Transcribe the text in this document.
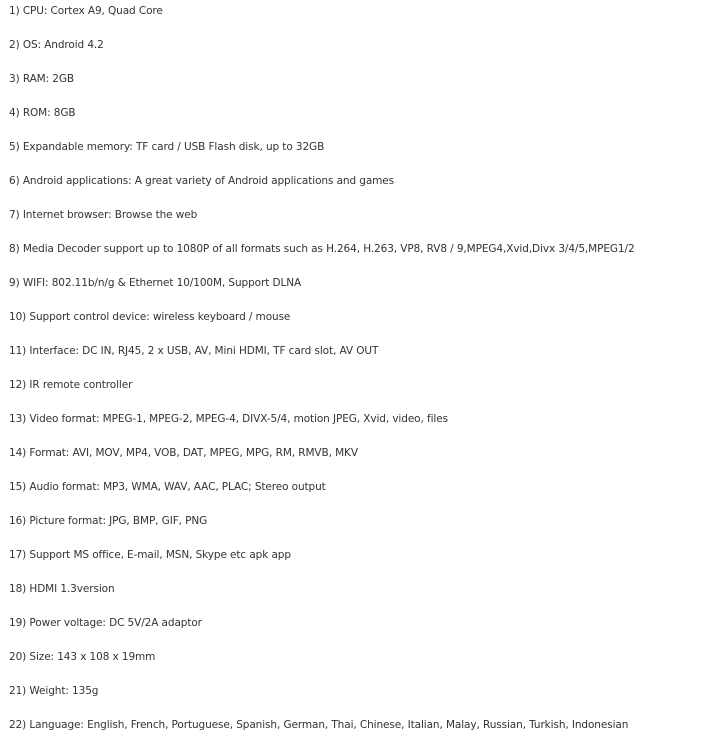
1) CPU: Cortex A9, Quad Core
2) OS: Android 4.2
3) RAM: 2GB
4) ROM: 8GB
5) Expandable memory: TF card / USB Flash disk, up to 32GB
6) Android applications: A great variety of Android applications and games
7) Internet browser: Browse the web
8) Media Decoder support up to 1080P of all formats such as H.264, H.263, VP8, RV8 / 9,MPEG4,Xvid,Divx 3/4/5,MPEG1/2
9) WIFI: 802.11b/n/g & Ethernet 10/100M, Support DLNA
10) Support control device: wireless keyboard / mouse
11) Interface: DC IN, RJ45, 2 x USB, AV, Mini HDMI, TF card slot, AV OUT
12) IR remote controller
13) Video format: MPEG-1, MPEG-2, MPEG-4, DIVX-5/4, motion JPEG, Xvid, video, files
14) Format: AVI, MOV, MP4, VOB, DAT, MPEG, MPG, RM, RMVB, MKV
15) Audio format: MP3, WMA, WAV, AAC, PLAC; Stereo output
16) Picture format: JPG, BMP, GIF, PNG
17) Support MS office, E-mail, MSN, Skype etc apk app
18) HDMI 1.3version
19) Power voltage: DC 5V/2A adaptor
20) Size: 143 x 108 x 19mm
21) Weight: 135g
22) Language: English, French, Portuguese, Spanish, German, Thai, Chinese, Italian, Malay, Russian, Turkish, Indonesian
